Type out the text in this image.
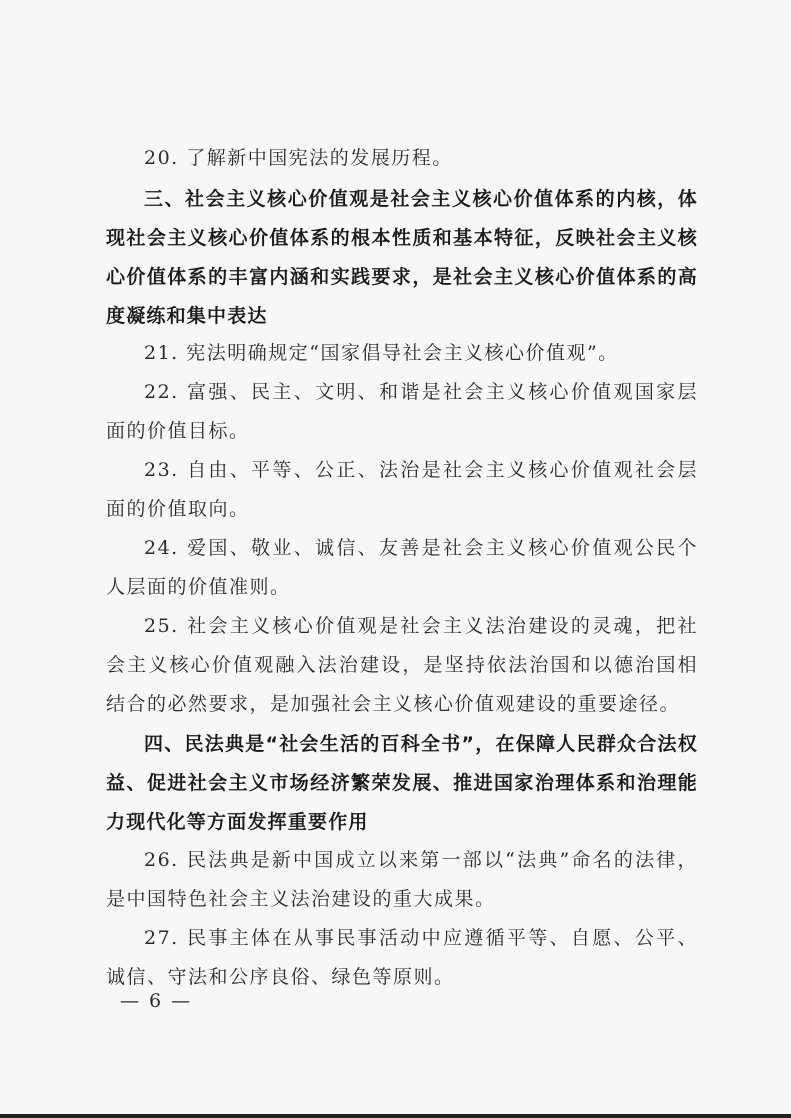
20. 了解新中国宪法的发展历程。

三、社会主义核心价值观是社会主义核心价值体系的内核，体现社会主义核心价值体系的根本性质和基本特征，反映社会主义核心价值体系的丰富内涵和实践要求，是社会主义核心价值体系的高度凝练和集中表达

21. 宪法明确规定“国家倡导社会主义核心价值观”。

22. 富强、民主、文明、和谐是社会主义核心价值观国家层面的价值目标。

23. 自由、平等、公正、法治是社会主义核心价值观社会层面的价值取向。

24. 爱国、敬业、诚信、友善是社会主义核心价值观公民个人层面的价值准则。

25. 社会主义核心价值观是社会主义法治建设的灵魂，把社会主义核心价值观融入法治建设，是坚持依法治国和以德治国相结合的必然要求，是加强社会主义核心价值观建设的重要途径。

四、民法典是“社会生活的百科全书”，在保障人民群众合法权益、促进社会主义市场经济繁荣发展、推进国家治理体系和治理能力现代化等方面发挥重要作用

26. 民法典是新中国成立以来第一部以“法典”命名的法律，是中国特色社会主义法治建设的重大成果。

27. 民事主体在从事民事活动中应遵循平等、自愿、公平、诚信、守法和公序良俗、绿色等原则。

— 6 —
